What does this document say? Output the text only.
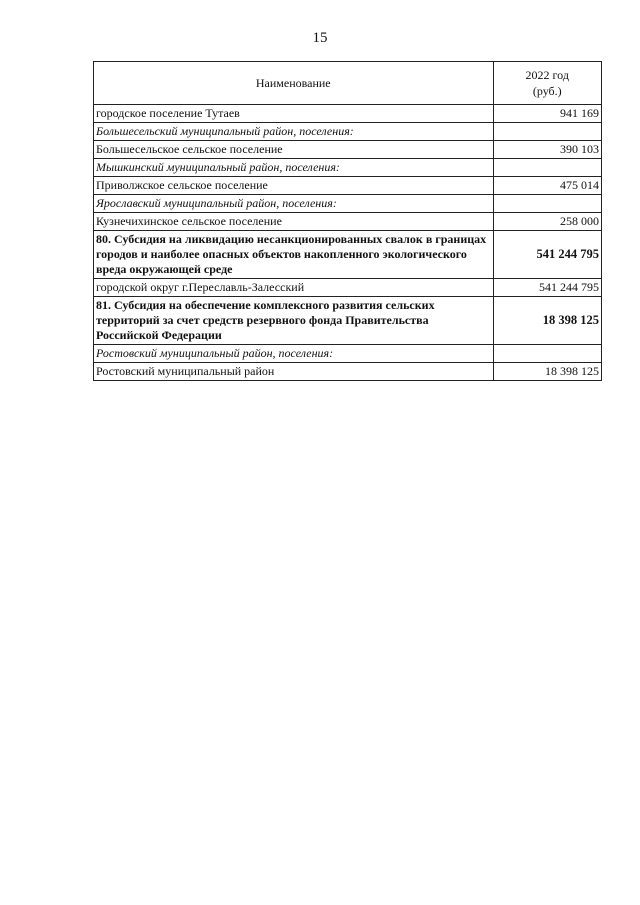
15
Наименование	2022 год
(руб.)
городское поселение Тутаев	941 169
Большесельский муниципальный район, поселения:	
Большесельское сельское поселение	390 103
Мышкинский муниципальный район, поселения:	
Приволжское сельское поселение	475 014
Ярославский муниципальный район, поселения:	
Кузнечихинское сельское поселение	258 000
80. Субсидия на ликвидацию несанкционированных свалок в границах городов и наиболее опасных объектов накопленного экологического вреда окружающей среде	541 244 795
городской округ г.Переславль-Залесский	541 244 795
81. Субсидия на обеспечение комплексного развития сельских территорий за счет средств резервного фонда Правительства Российской Федерации	18 398 125
Ростовский муниципальный район, поселения:	
Ростовский муниципальный район	18 398 125
